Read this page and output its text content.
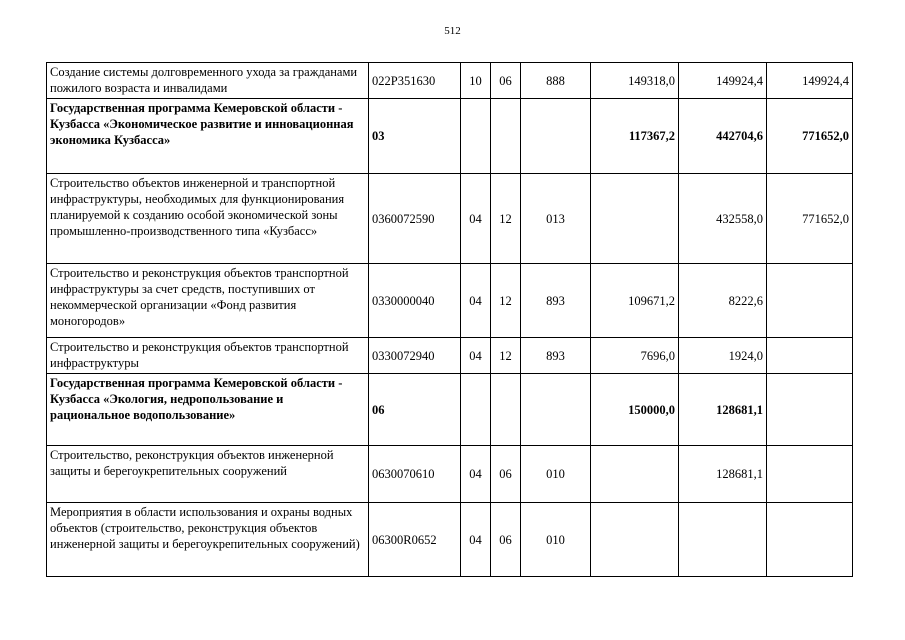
512
Создание системы долговременного ухода за гражданами пожилого возраста и инвалидами	022P351630	10	06	888	149318,0	149924,4	149924,4
Государственная программа Кемеровской области - Кузбасса «Экономическое развитие и инновационная экономика Кузбасса»	03				117367,2	442704,6	771652,0
Строительство объектов инженерной и транспортной инфраструктуры, необходимых для функционирования планируемой к созданию особой экономической зоны промышленно-производственного типа «Кузбасс»	0360072590	04	12	013		432558,0	771652,0
Строительство и реконструкция объектов транспортной инфраструктуры за счет средств, поступивших от некоммерческой организации «Фонд развития моногородов»	0330000040	04	12	893	109671,2	8222,6	
Строительство и реконструкция объектов транспортной инфраструктуры	0330072940	04	12	893	7696,0	1924,0	
Государственная программа Кемеровской области - Кузбасса «Экология, недропользование и рациональное водопользование»	06				150000,0	128681,1	
Строительство, реконструкция объектов инженерной защиты и берегоукрепительных сооружений	0630070610	04	06	010		128681,1	
Мероприятия в области использования и охраны водных объектов (строительство, реконструкция объектов инженерной защиты и берегоукрепительных сооружений)	06300R0652	04	06	010			
